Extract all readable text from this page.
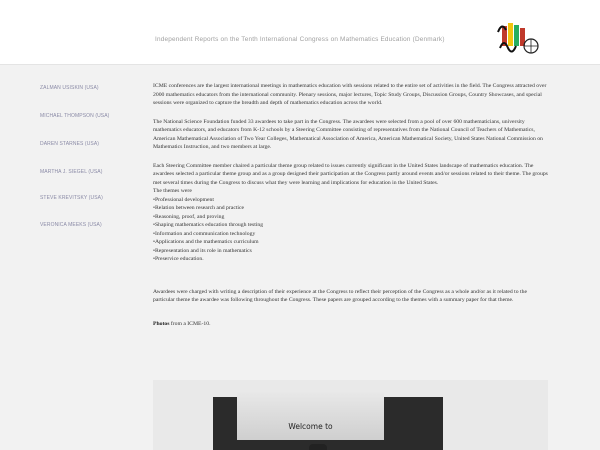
Independent Reports on the Tenth International Congress on Mathematics Education (Denmark)
ZALMAN USISKIN (USA)
MICHAEL THOMPSON (USA)
DAREN STARNES (USA)
MARTHA J. SIEGEL (USA)
STEVE KREVITSKY (USA)
VERONICA MEEKS (USA)

ICME conferences are the largest international meetings in mathematics education with sessions related to the entire set of activities in the field. The Congress attracted over 2000 mathematics educators from the international community. Plenary sessions, major lectures, Topic Study Groups, Discussion Groups, Country Showcases, and special sessions were organized to capture the breadth and depth of mathematics education across the world.

The National Science Foundation funded 33 awardees to take part in the Congress. The awardees were selected from a pool of over 600 mathematicians, university mathematics educators, and educators from K-12 schools by a Steering Committee consisting of representatives from the National Council of Teachers of Mathematics, American Mathematical Association of Two Year Colleges, Mathematical Association of America, American Mathematical Society, United States National Commission on Mathematics Instruction, and two members at large.

Each Steering Committee member chaired a particular theme group related to issues currently significant in the United States landscape of mathematics education. The awardees selected a particular theme group and as a group designed their participation at the Congress partly around events and/or sessions related to their theme. The groups met several times during the Congress to discuss what they were learning and implications for education in the United States.
The themes were
• Professional development
• Relation between research and practice
• Reasoning, proof, and proving
• Shaping mathematics education through testing
• Information and communication technology
• Applications and the mathematics curriculum
• Representation and its role in mathematics
• Preservice education.

Awardees were charged with writing a description of their experience at the Congress to reflect their perception of the Congress as a whole and/or as it related to the particular theme the awardee was following throughout the Congress. These papers are grouped according to the themes with a summary paper for that theme.

Photos from a ICME-10.
Welcome to
